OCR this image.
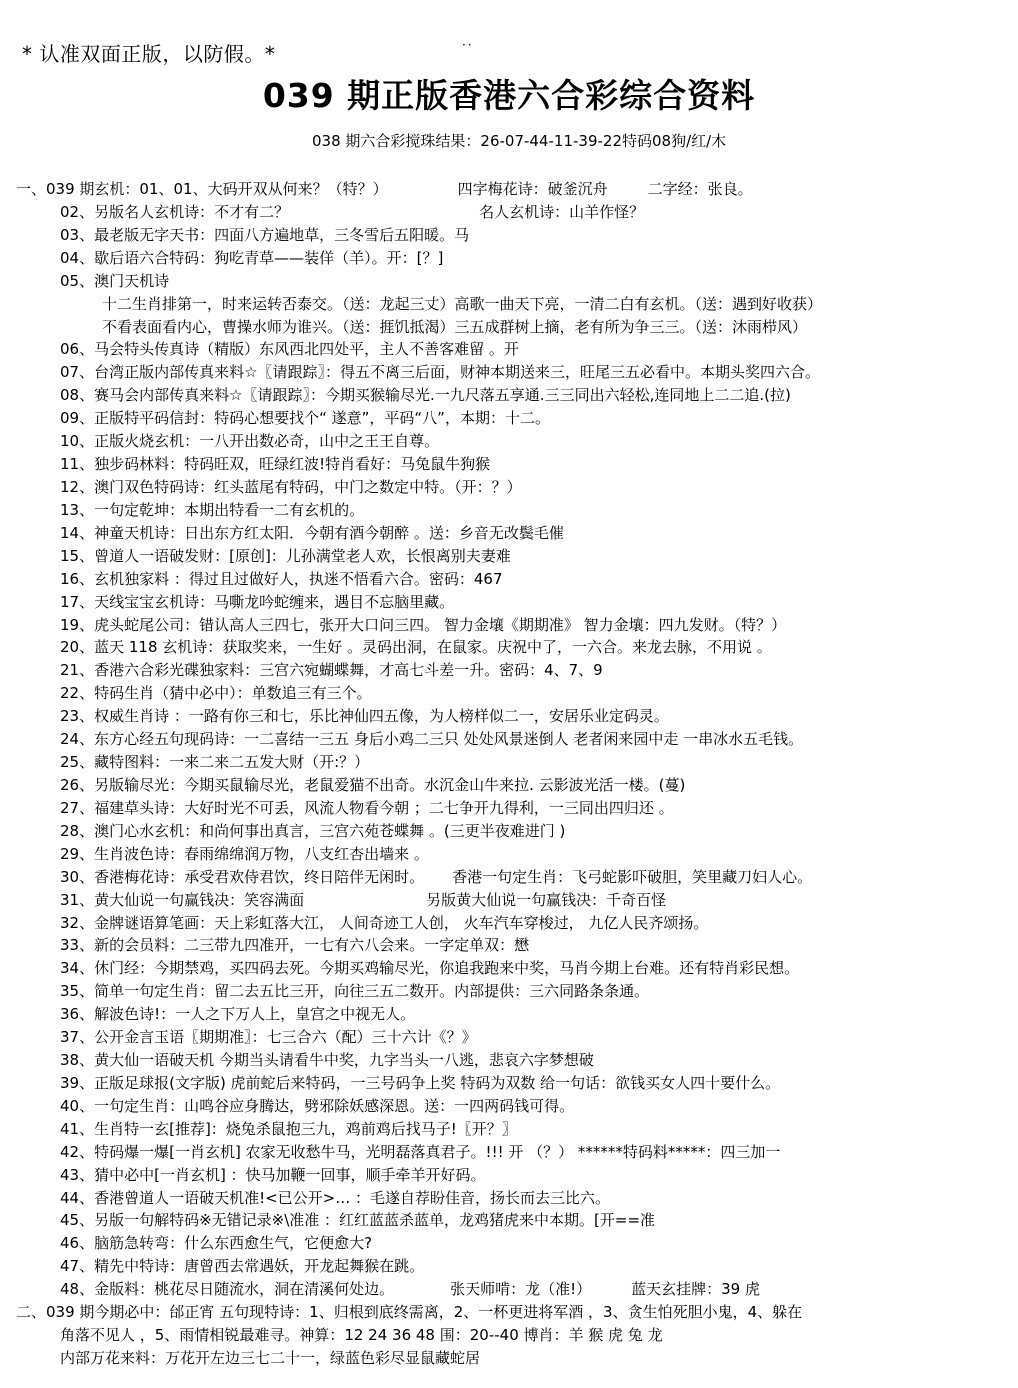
* 认准双面正版，以防假。*	··
039 期正版香港六合彩综合资料
038 期六合彩搅珠结果：26-07-44-11-39-22特码08狗/红/木
一、039 期玄机：01、01、大码开双从何来？（特？）	四字梅花诗：破釜沉舟	二字经：张良。
02、另版名人玄机诗：不才有二？	名人玄机诗：山羊作怪？
03、最老版无字天书：四面八方遍地草，三冬雪后五阳暖。马
04、歇后语六合特码：狗吃青草——装佯（羊）。开：[？]
05、澳门天机诗
十二生肖排第一，时来运转否泰交。（送：龙起三丈）高歌一曲天下亮，一清二白有玄机。（送：遇到好收获）
不看表面看内心，曹操水师为谁兴。（送：捱饥抵渴）三五成群树上摘，老有所为争三三。（送：沐雨栉风）
06、马会特头传真诗（精版）东风西北四处平，主人不善客难留 。开
07、台湾正版内部传真来料☆〖请跟踪〗：得五不离三后面，财神本期送来三，旺尾三五必看中。本期头奖四六合。
08、赛马会内部传真来料☆〖请跟踪〗：今期买猴输尽光.一九尺落五享通.三三同出六轻松,连同地上二二追.(拉)
09、正版特平码信封：特码心想要找个“ 遂意”，平码“八”，本期：十二。
10、正版火烧玄机：一八开出数必奇，山中之王王自尊。
11、独步码林料：特码旺双，旺绿红波!特肖看好：马兔鼠牛狗猴
12、澳门双色特码诗：红头蓝尾有特码，中门之数定中特。（开：？）
13、一句定乾坤：本期出特看一二有玄机的。
14、神童天机诗：日出东方红太阳．今朝有酒今朝醉 。送：乡音无改鬓毛催
15、曾道人一语破发财：[原创]：儿孙满堂老人欢，长恨离别夫妻难
16、玄机独家料 ：得过且过做好人，执迷不悟看六合。密码：467
17、天线宝宝玄机诗：马嘶龙吟蛇缠来，遇目不忘脑里藏。
19、虎头蛇尾公司：错认高人三四七，张开大口问三四。 智力金壤《期期准》 智力金壤：四九发财。（特？）
20、蓝天 118 玄机诗：获取奖来，一生好 。灵码出洞，在鼠家。庆祝中了，一六合。来龙去脉，不用说 。
21、香港六合彩光碟独家料：三宫六宛蝴蝶舞，才高七斗差一升。密码：4、7、9
22、特码生肖（猜中必中）：单数追三有三个。
23、权威生肖诗 ：一路有你三和七，乐比神仙四五像，为人榜样似二一，安居乐业定码灵。
24、东方心经五句现码诗：一二喜结一三五 身后小鸡二三只 处处风景迷倒人 老者闲来园中走 一串冰水五毛钱。
25、藏特图料：一来二来二五发大财（开:？）
26、另版输尽光：今期买鼠输尽光，老鼠爱猫不出奇。水沉金山牛来拉. 云影波光活一楼。(蔓)
27、福建草头诗：大好时光不可丢，风流人物看今朝 ；二七争开九得利，一三同出四归还 。
28、澳门心水玄机：和尚何事出真言，三宫六苑苍蝶舞 。(三更半夜难进门 )
29、生肖波色诗：春雨绵绵润万物，八支红杏出墙来 。
30、香港梅花诗：承受君欢侍君饮，终日陪伴无闲时。 香港一句定生肖：飞弓蛇影吓破胆，笑里藏刀妇人心。
31、黄大仙说一句赢钱决：笑容满面	另版黄大仙说一句赢钱决：千奇百怪
32、金牌谜语算笔画：天上彩虹落大江， 人间奇迹工人创， 火车汽车穿梭过， 九亿人民齐颂扬。
33、新的会员料：二三带九四准开，一七有六八会来。一字定单双：懋
34、休门经：今期禁鸡，买四码去死。今期买鸡输尽光，你追我跑来中奖，马肖今期上台难。还有特肖彩民想。
35、简单一句定生肖：留二去五比三开，向往三五二数开。内部提供：三六同路条条通。
36、解波色诗!：一人之下万人上，皇宫之中视无人。
37、公开金言玉语〖期期准〗：七三合六（配）三十六计《？》
38、黄大仙一语破天机 今期当头请看牛中奖，九字当头一八逃，悲哀六字梦想破
39、正版足球报(文字版) 虎前蛇后来特码，一三号码争上奖 特码为双数 给一句话：欲钱买女人四十要什么。
40、一句定生肖：山鸣谷应身腾达，劈邪除妖感深恩。送：一四两码钱可得。
41、生肖特一玄[推荐]：烧兔杀鼠抱三九，鸡前鸡后找马子!〖开？〗
42、特码爆一爆[一肖玄机] 农家无收愁牛马，光明磊落真君子。!!! 开 （？） ******特码料*****：四三加一
43、猜中必中[一肖玄机] ：快马加鞭一回事，顺手牵羊开好码。
44、香港曾道人一语破天机准!<已公开>… ：毛遂自荐盼佳音，扬长而去三比六。
45、另版一句解特码※无错记录※\准准 ：红红蓝蓝杀蓝单，龙鸡猪虎来中本期。[开==准
46、脑筋急转弯：什么东西愈生气，它便愈大?
47、精先中特诗：唐曾西去常遇妖，开龙起舞猴在跳。
48、金版料：桃花尽日随流水，洞在清溪何处边。	张天师啃：龙（准!）	蓝天玄挂牌：39 虎
二、039 期今期必中：邰正宵 五句现特诗：1、归根到底终需离，2、一杯更进将军酒 ，3、贪生怕死胆小鬼，4、躲在
角落不见人 ，5、雨情相锐最难寻。神算：12 24 36 48 围：20--40 博肖：羊 猴 虎 兔 龙
内部万花来料：万花开左边三七二十一，绿蓝色彩尽显鼠藏蛇居
